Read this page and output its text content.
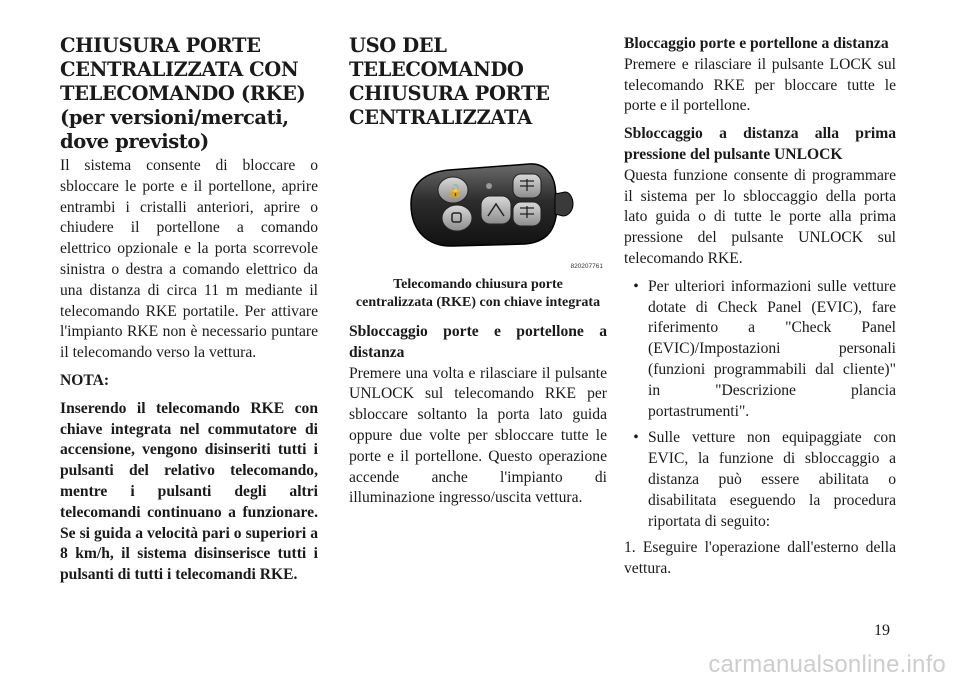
CHIUSURA PORTE
CENTRALIZZATA CON
TELECOMANDO (RKE)
(per versioni/mercati,
dove previsto)

Il sistema consente di bloccare o sbloccare le porte e il portellone, aprire entrambi i cristalli anteriori, aprire o chiudere il portellone a comando elettrico opzionale e la porta scorrevole sinistra o destra a comando elettrico da una distanza di circa 11 m mediante il telecomando RKE portatile. Per attivare l'impianto RKE non è necessario puntare il telecomando verso la vettura.

NOTA:

Inserendo il telecomando RKE con chiave integrata nel commutatore di accensione, vengono disinseriti tutti i pulsanti del relativo telecomando, mentre i pulsanti degli altri telecomandi continuano a funzionare. Se si guida a velocità pari o superiori a 8 km/h, il sistema disinserisce tutti i pulsanti di tutti i telecomandi RKE.

USO DEL TELECOMANDO
CHIUSURA PORTE
CENTRALIZZATA
🔓
820207761
Telecomando chiusura porte centralizzata (RKE) con chiave integrata

Sbloccaggio porte e portellone a distanza

Premere una volta e rilasciare il pulsante UNLOCK sul telecomando RKE per sbloccare soltanto la porta lato guida oppure due volte per sbloccare tutte le porte e il portellone. Questo operazione accende anche l'impianto di illuminazione ingresso/uscita vettura.

Bloccaggio porte e portellone a distanza

Premere e rilasciare il pulsante LOCK sul telecomando RKE per bloccare tutte le porte e il portellone.

Sbloccaggio a distanza alla prima pressione del pulsante UNLOCK

Questa funzione consente di programmare il sistema per lo sbloccaggio della porta lato guida o di tutte le porte alla prima pressione del pulsante UNLOCK sul telecomando RKE.

• Per ulteriori informazioni sulle vetture dotate di Check Panel (EVIC), fare riferimento a "Check Panel (EVIC)/Impostazioni personali (funzioni programmabili dal cliente)" in "Descrizione plancia portastrumenti".
• Sulle vetture non equipaggiate con EVIC, la funzione di sbloccaggio a distanza può essere abilitata o disabilitata eseguendo la procedura riportata di seguito:

1. Eseguire l'operazione dall'esterno della vettura.

19
carmanualsonline.info
